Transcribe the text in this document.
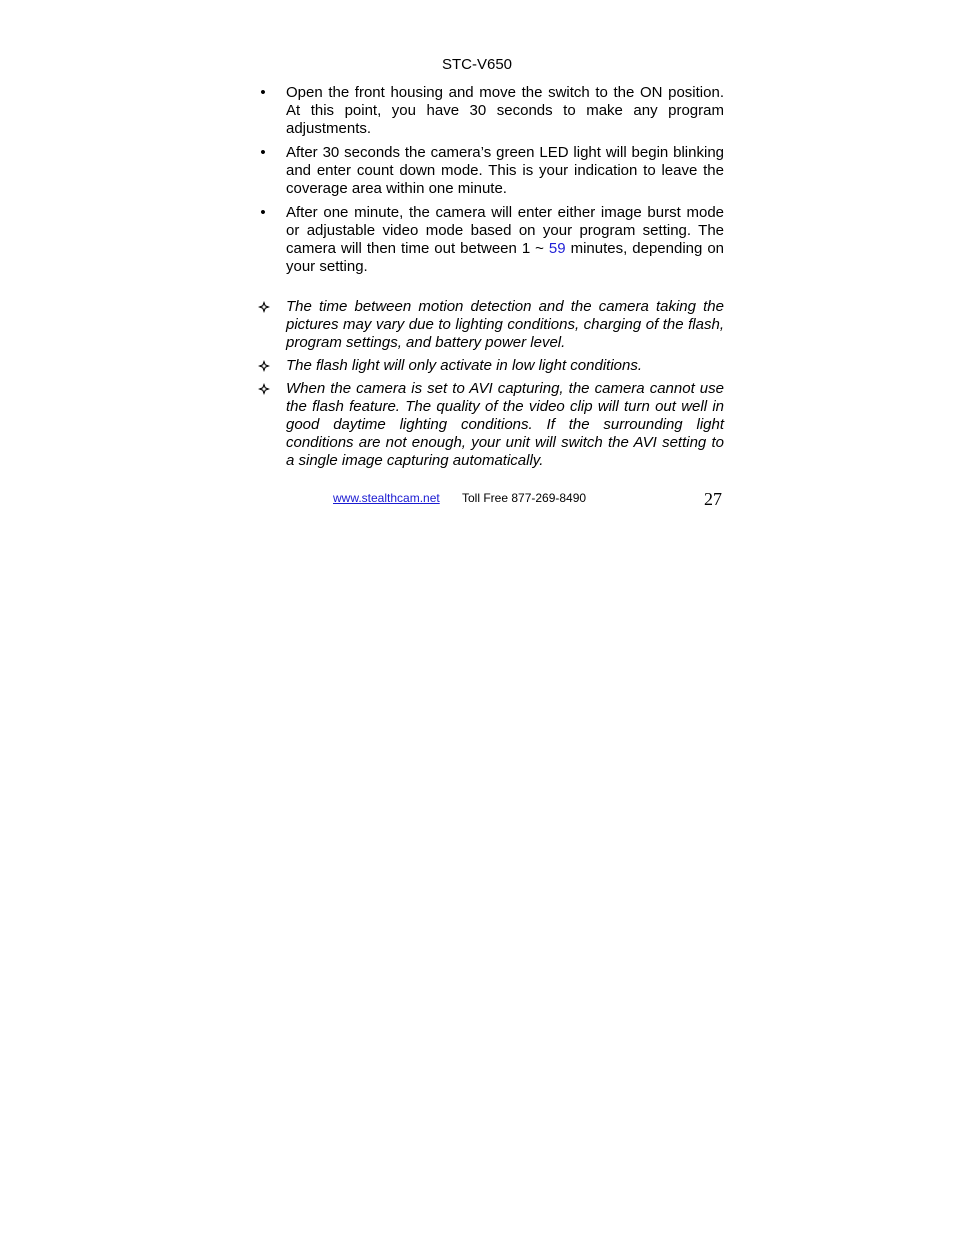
STC-V650
• Open the front housing and move the switch to the ON position. At this point, you have 30 seconds to make any program adjustments.
• After 30 seconds the camera’s green LED light will begin blinking and enter count down mode. This is your indication to leave the coverage area within one minute.
• After one minute, the camera will enter either image burst mode or adjustable video mode based on your program setting. The camera will then time out between 1 ~ 59 minutes, depending on your setting.
The time between motion detection and the camera taking the pictures may vary due to lighting conditions, charging of the flash, program settings, and battery power level.
The flash light will only activate in low light conditions.
When the camera is set to AVI capturing, the camera cannot use the flash feature. The quality of the video clip will turn out well in good daytime lighting conditions. If the surrounding light conditions are not enough, your unit will switch the AVI setting to a single image capturing automatically.
www.stealthcam.net Toll Free 877-269-8490	27
